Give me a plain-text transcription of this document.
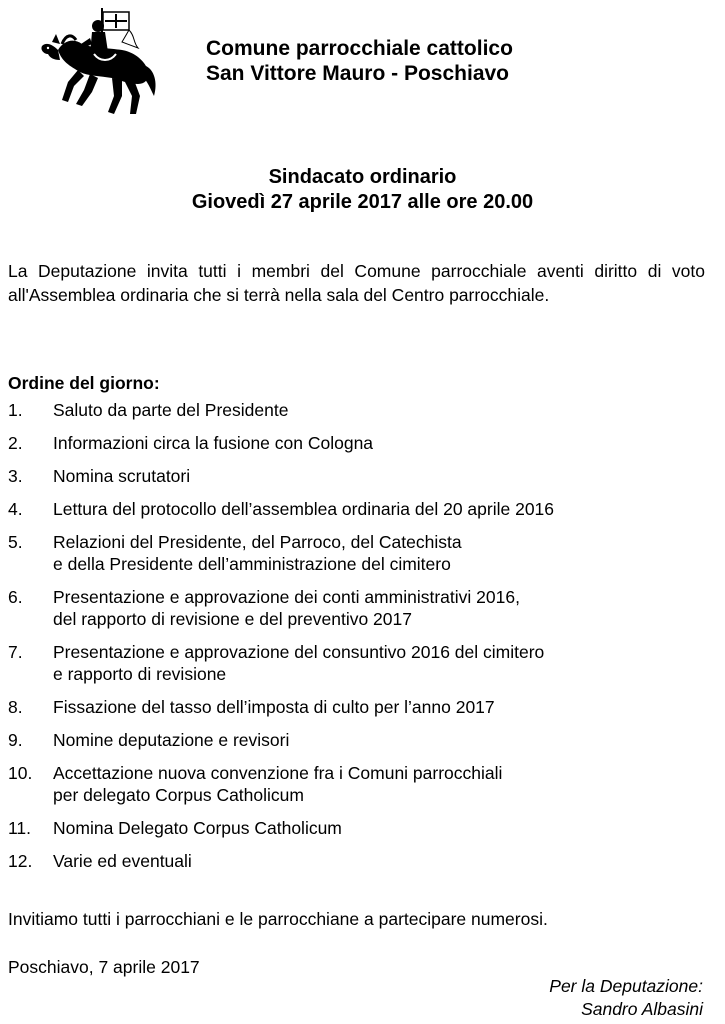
Comune parrocchiale cattolico
San Vittore Mauro - Poschiavo
Sindacato ordinario
Giovedì 27 aprile 2017 alle ore 20.00
La Deputazione invita tutti i membri del Comune parrocchiale aventi diritto di voto all'Assemblea ordinaria che si terrà nella sala del Centro parrocchiale.
Ordine del giorno:
1. Saluto da parte del Presidente
2. Informazioni circa la fusione con Cologna
3. Nomina scrutatori
4. Lettura del protocollo dell’assemblea ordinaria del 20 aprile 2016
5. Relazioni del Presidente, del Parroco, del Catechista
e della Presidente dell’amministrazione del cimitero
6. Presentazione e approvazione dei conti amministrativi 2016,
del rapporto di revisione e del preventivo 2017
7. Presentazione e approvazione del consuntivo 2016 del cimitero
e rapporto di revisione
8. Fissazione del tasso dell’imposta di culto per l’anno 2017
9. Nomine deputazione e revisori
10. Accettazione nuova convenzione fra i Comuni parrocchiali
per delegato Corpus Catholicum
11. Nomina Delegato Corpus Catholicum
12. Varie ed eventuali
Invitiamo tutti i parrocchiani e le parrocchiane a partecipare numerosi.
Poschiavo, 7 aprile 2017
Per la Deputazione:
Sandro Albasini
